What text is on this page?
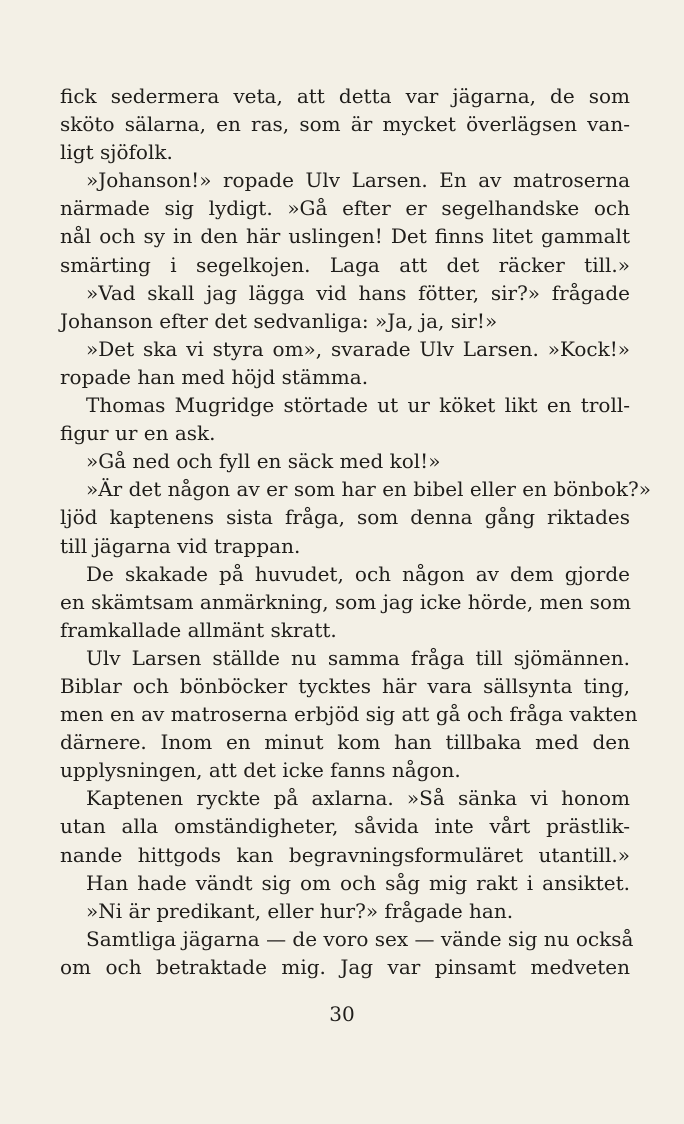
fick sedermera veta, att detta var jägarna, de som
sköto sälarna, en ras, som är mycket överlägsen van-
ligt sjöfolk.
»Johanson!» ropade Ulv Larsen. En av matroserna
närmade sig lydigt. »Gå efter er segelhandske och
nål och sy in den här uslingen! Det finns litet gammalt
smärting i segelkojen. Laga att det räcker till.»
»Vad skall jag lägga vid hans fötter, sir?» frågade
Johanson efter det sedvanliga: »Ja, ja, sir!»
»Det ska vi styra om», svarade Ulv Larsen. »Kock!»
ropade han med höjd stämma.
Thomas Mugridge störtade ut ur köket likt en troll-
figur ur en ask.
»Gå ned och fyll en säck med kol!»
»Är det någon av er som har en bibel eller en bönbok?»
ljöd kaptenens sista fråga, som denna gång riktades
till jägarna vid trappan.
De skakade på huvudet, och någon av dem gjorde
en skämtsam anmärkning, som jag icke hörde, men som
framkallade allmänt skratt.
Ulv Larsen ställde nu samma fråga till sjömännen.
Biblar och bönböcker tycktes här vara sällsynta ting,
men en av matroserna erbjöd sig att gå och fråga vakten
därnere. Inom en minut kom han tillbaka med den
upplysningen, att det icke fanns någon.
Kaptenen ryckte på axlarna. »Så sänka vi honom
utan alla omständigheter, såvida inte vårt prästlik-
nande hittgods kan begravningsformuläret utantill.»
Han hade vändt sig om och såg mig rakt i ansiktet.
»Ni är predikant, eller hur?» frågade han.
Samtliga jägarna — de voro sex — vände sig nu också
om och betraktade mig. Jag var pinsamt medveten
30
